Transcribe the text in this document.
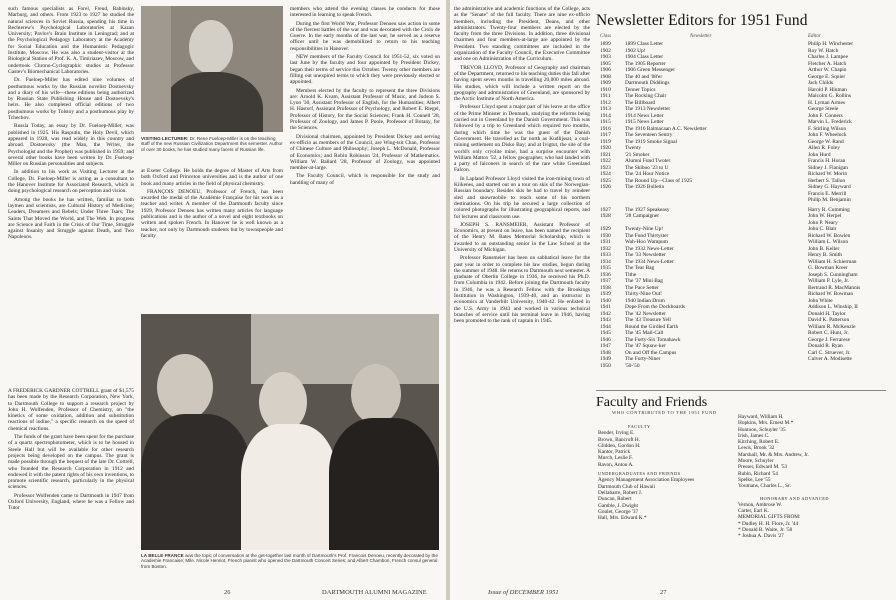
such famous specialists as Forel, Freud, Babinsky, Marburg, and others. From 1923 to 1927 he studied the natural sciences in Soviet Russia, spending his time in Bechterew's Psychological Laboratories at Kazan University; Pavlov's Brain Institute in Leningrad; and at the Psychological Pedagogy Laboratory at the Academy for Social Education and the Humanistic Pedagogic Institute, Moscow. He was also a student-visitor at the Biological Station of Prof. K. A. Timiriazev, Moscow, and undertook Chrono-Cyclographic studies at Professor Gastev's Biomechanical Laboratories.

Dr. Fuelоep-Miller has edited nine volumes of posthumous works by the Russian novelist Dostoevsky and a diary of his wife—these editions being authorized by Russian State Publishing House and Dostoevsky's heirs. He also completed official editions of two posthumous works by Tolstoy and a posthumous play by Tchechov.

Russia Today, an essay by Dr. Fuelоep-Miller, was published in 1925. His Rasputin, the Holy Devil, which appeared in 1928, was read widely in this country and abroad. Dostoevsky (the Man, the Writer, the Psychologist and the Prophet) was published in 1959; and several other books have been written by Dr. Fuelоep-Miller on Russian personalities and subjects.

In addition to his work as Visiting Lecturer at the College, Dr. Fuelоep-Miller is acting as a consultant to the Hanover Institute for Associated Research, which is doing psychological research on perception and vision.

Among the books he has written, familiar to both laymen and scientists, are Cultural History of Medicine; Leaders, Dreamers and Rebels; Under Three Tsars; The Saints That Moved the World, and The Web. In progress are Science and Faith in the Crisis of Our Time, Struggle against Insanity and Struggle against Death, and Two Napoleons.

A FREDERICK GARDNER COTTRELL grant of $1,575 has been made by the Research Corporation, New York, to Dartmouth College to support a research project by John H. Wolfenden, Professor of Chemistry, on "the kinetics of some oxidation, addition and substitution reactions of iodine," a specific research on the speed of chemical reactions.

The funds of the grant have been spent for the purchase of a quartz spectrophotometer, which is to be housed in Steele Hall but will be available for other research projects being developed on the campus. The grant is made possible through the bequest of the late Dr. Cottrell, who founded the Research Corporation in 1912 and endowed it with the patent rights of his own inventions, to promote scientific research, particularly in the physical sciences.

Professor Wolfenden came to Dartmouth in 1947 from Oxford University, England, where he was a Fellow and Tutor

VISITING LECTURER: Dr. Rene Fuelоep-Miller is on the teaching staff of the new Russian Civilization Department this semester. Author of over 30 books, he has studied many facets of Russian life.

at Exeter College. He holds the degree of Master of Arts from both Oxford and Princeton universities and is the author of one book and many articles in the field of physical chemistry.

FRANÇOIS DENOEU, Professor of French, has been awarded the medal of the Académie Française for his work as a teacher and writer. A member of the Dartmouth faculty since 1929, Professor Denoeu has written many articles for language publications and is the author of a novel and eight textbooks on written and spoken French. In Hanover he is well known as a teacher, not only by Dartmouth students but by townspeople and faculty

members who attend the evening classes he conducts for those interested in learning to speak French.

During the first World War, Professor Denoeu saw action in some of the fiercest battles of the war and was decorated with the Croix de Guerre. In the early months of the last war, he served as a reserve officer until he was demobilized to return to his teaching responsibilities in Hanover.

NEW members of the Faculty Council for 1951-52, six voted on last June by the faculty and four appointed by President Dickey, began their terms of service this October. Twenty other members are filling out unexpired terms to which they were previously elected or appointed.

Members elected by the faculty to represent the three Divisions are: Arnold K. Kvam, Assistant Professor of Music, and Judson S. Lyon '30, Assistant Professor of English, for the Humanities; Albert H. Hastorf, Assistant Professor of Psychology, and Robert E. Riegel, Professor of History, for the Social Sciences; Frank H. Connell '28, Professor of Zoology, and James P. Poole, Professor of Botany, for the Sciences.

Divisional chairmen, appointed by President Dickey and serving ex-officio as members of the Council, are Wing-tsit Chan, Professor of Chinese Culture and Philosophy; Joseph L. McDonald, Professor of Economics; and Robin Robinson '24, Professor of Mathematics. William W. Ballard '28, Professor of Zoology, was appointed member-at-large.

The Faculty Council, which is responsible for the study and handling of many of

LA BELLE FRANCE was the topic of conversation at the get-together last month of Dartmouth's Prof. Francois Denoeu, recently decorated by the Academie Francaise; Mlle. Nicole Henriot, French pianist who opened the Dartmouth Concert Series; and Albert Chambon, French consul general from Boston.
26	DARTMOUTH ALUMNI MAGAZINE

the administrative and academic functions of the College, acts as the "Senate" of the full faculty. There are nine ex-officio members, including the President, Deans, and other administrators. Twenty-four members are elected by the faculty from the three Divisions. In addition, three divisional chairmen and four members-at-large are appointed by the President. Two standing committees are included in the organization of the Faculty Council, the Executive Committee and one on Administration of the Curriculum.

TREVOR LLOYD, Professor of Geography and chairman of the Department, returned to his teaching duties this fall after having spent seven months in travelling 20,000 miles abroad. His studies, which will include a written report on the geography and administration of Greenland, are sponsored by the Arctic Institute of North America.

Professor Lloyd spent a major part of his leave at the office of the Prime Minister in Denmark, studying the reforms being carried out in Greenland by the Danish Government. This was followed by a trip to Greenland which required two months, during which time he was the guest of the Danish Government. He travelled as far north as Kudlijssat, a coal-mining settlement on Disko Bay; and at Ivigtut, the site of the world's only cryolite mine, had a surprise encounter with William Mattox '52, a fellow geographer, who had landed with a party of falconers in search of the rare white Greenland Falcon.

In Lapland Professor Lloyd visited the iron-mining town of Kiikenes, and started out on a tour on skis of the Norwegian-Russian boundary. Besides skis he had to travel by reindeer sled and snowmobile to reach some of his northern destinations. On his trip he secured a large collection of colored photographs for illustrating geographical reports, and for lectures and classroom use.

JOSEPH S. RANSMEIER, Assistant Professor of Economics, at present on leave, has been named the recipient of the Henry M. Bates Memorial Scholarship, which is awarded to an outstanding senior in the Law School at the University of Michigan.

Professor Ransmeier has been on sabbatical leave for the past year in order to complete his law studies, begun during the summer of 1948. He returns to Dartmouth next semester. A graduate of Oberlin College in 1936, he received his Ph.D. from Columbia in 1942. Before joining the Dartmouth faculty in 1946, he was a Research Fellow with the Brookings Institution in Washington, 1939-40, and an instructor in economics at Vanderbilt University, 1940-42. He enlisted in the U.S. Army in 1943 and worked in various technical branches of service until his terminal leave in 1946, having been promoted to the rank of captain in 1945.

Newsletter Editors for 1951 Fund
Class	Newsletter	Editor
1899	1899 Class Letter	Philip H. Winchester
1902	1902 Up!	Roy W. Hatch
1903	1904 Class Letter	Charles J. Lampee
1905	The 1905 Reporter	Fletcher A. Hatch
1906	1906 Green Messenger	Arthur W. Chapin
1908	The 40 and '08'er	George E. Squier
1909	Dartmouth Diddings	Jack Childs
1910	Tenner Topics	Harold P. Hinman
1911	The Rocking Chair	Malcolm G. Rollins
1912	The Billboard	H. Lyman Armes
1913	The 1913 Newsletter	George Steele
1914	1914 News Letter	John F. Conners
1915	1915 News Letter	Marvin L. Frederick
1916	The 1916 Balmacaan A.C. Newsletter	F. Stirling Wilson
1917	The Seventeen Sentry	John F. Wheelock
1919	The 1919 Smoke Signal	George W. Rand
1920	Twenty	Allen R. Foley
1921	'21 Smoker	John Hurd
1922	Alumni Fund Twoter	Francis H. Horan
1923	The Skiboo '23 to U	Sidney J. Flanigan
1924	The '24 Hour Notice	Richard W. Morin
1925	The Round Up—Class of 1925	Herbert S. Tallon
1926	The 1926 Bulletin	Sidney G. Hayward
Francis E. Merrill
Philip M. Benjamin
1927	The 1927 Speakeasy	Harry R. Cumming
1928	'28 Campaigner	John W. Herpel
John P. Neary
1929	Twenty-Nine Up!	John C. Blair
1930	The Fund Thirtyster	Richard W. Bowlen
1931	Wah-Hoo Wampum	William L. Wilson
1932	The 1932 News-Letter	John B. Keller
1933	The '33 Newsletter	Henry B. Smith
1934	The 1934 News-Letter	William H. Schierman
1935	The Tear Bag	G. Bowman Kreer
1936	Tithe	Joseph S. Cunningham
1937	The '37 Mini Bag	William P. Lyle, Jr.
1938	The Pace Setter	Bertrand R. MacMannis
1939	Thirty-Nine Out!	Richard W. Bowman
1940	1940 Indian Drum	John White
1941	Dope From the Dockboards	Addison L. Winship, II
1942	The '42 Newsletter	Donald H. Taylor
1943	The '43 Treasure Yell	David K. Patterson
1944	Round the Girdled Earth	William R. McKenzie
1945	The '45 Mail-Call	Robert C. Hunt, Jr.
1946	The Forty-Six Tomahawk	George J. Ferrarese
1947	The '47 Squaw-ker	Donald R. Ryan
1948	On and Off the Campus	Carl C. Struever, Jr.
1949	The Forty-Niner	Culver A. Modisette
1950	'50-'50
Faculty and Friends
WHO CONTRIBUTED TO THE 1951 FUND
FACULTY
Bender, Irving E.
Brown, Bancroft H.
Glidden, Gordon H.
Kantor, Patrick
Murch, Leslie F.
Ravon, Anton A.
UNDERGRADUATES AND FRIENDS
Agency Management Association Employees
Dartmouth Club of Hawaii
Dellabarre, Robert J.
Duncan, Robert
Gamble, J. Dwight
Goulet, George '37
Hall, Mrs. Edward K.*
Hayward, William H.
Hopkins, Mrs. Ernest M.*
Huntoon, Schuyler '35
Irish, James C.
Kitching, Robert E.
Lewis, Brook '32
Marshall, Mr. & Mrs. Andrew, Jr.
Moore, Schuyler
Presser, Edward M. '53
Rubin, Richard '54
Spelke, Lee '55
Youmans, Charles L., Sr.
HONORARY AND ADVANCED
Vernon, Ambrose W.
Carter, Earl K.
MEMORIAL GIFTS FROM:
* Dudley H. H. Flore, Jr. '44
* Donald B. Waite, Jr. '50
* Joshua A. Davis '27
Issue of DECEMBER 1951	27
